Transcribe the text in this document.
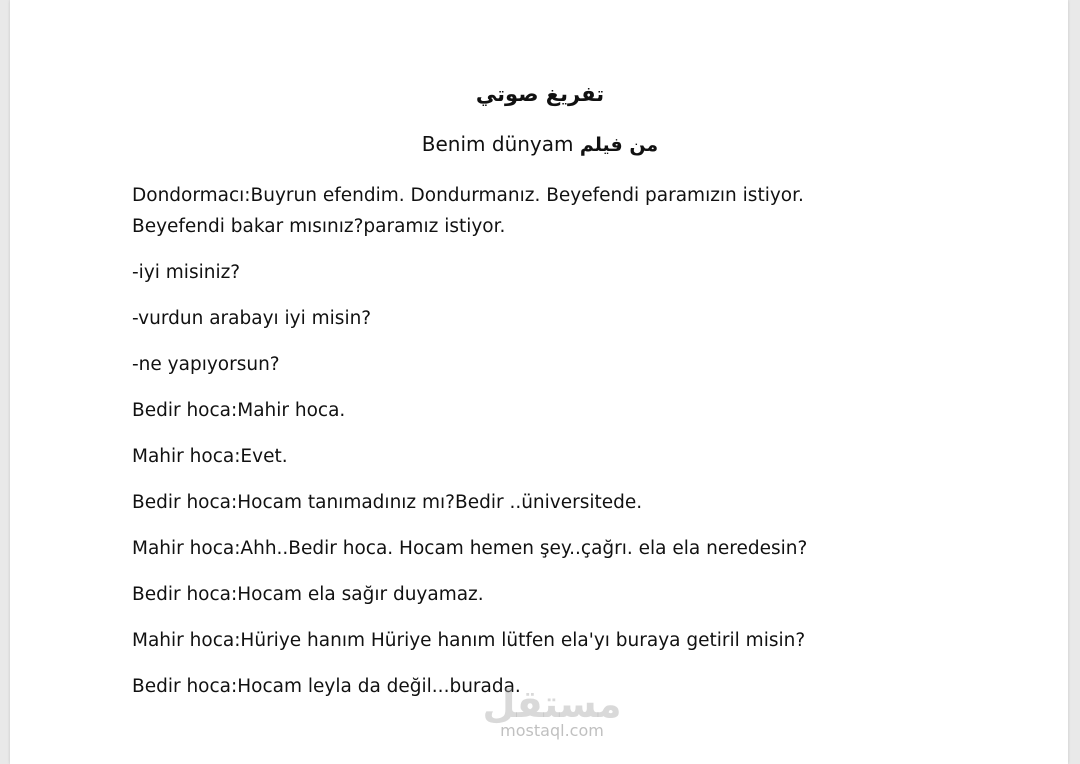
تفريغ صوتي
Benim dünyam من فيلم

Dondormacı:Buyrun efendim. Dondurmanız. Beyefendi paramızın istiyor. Beyefendi bakar mısınız?paramız istiyor.

-iyi misiniz?

-vurdun arabayı iyi misin?

-ne yapıyorsun?

Bedir hoca:Mahir hoca.

Mahir hoca:Evet.

Bedir hoca:Hocam tanımadınız mı?Bedir ..üniversitede.

Mahir hoca:Ahh..Bedir hoca. Hocam hemen şey..çağrı. ela ela neredesin?

Bedir hoca:Hocam ela sağır duyamaz.

Mahir hoca:Hüriye hanım Hüriye hanım lütfen ela'yı buraya getiril misin?

Bedir hoca:Hocam leyla da değil...burada.

مستقل
mostaql.com
